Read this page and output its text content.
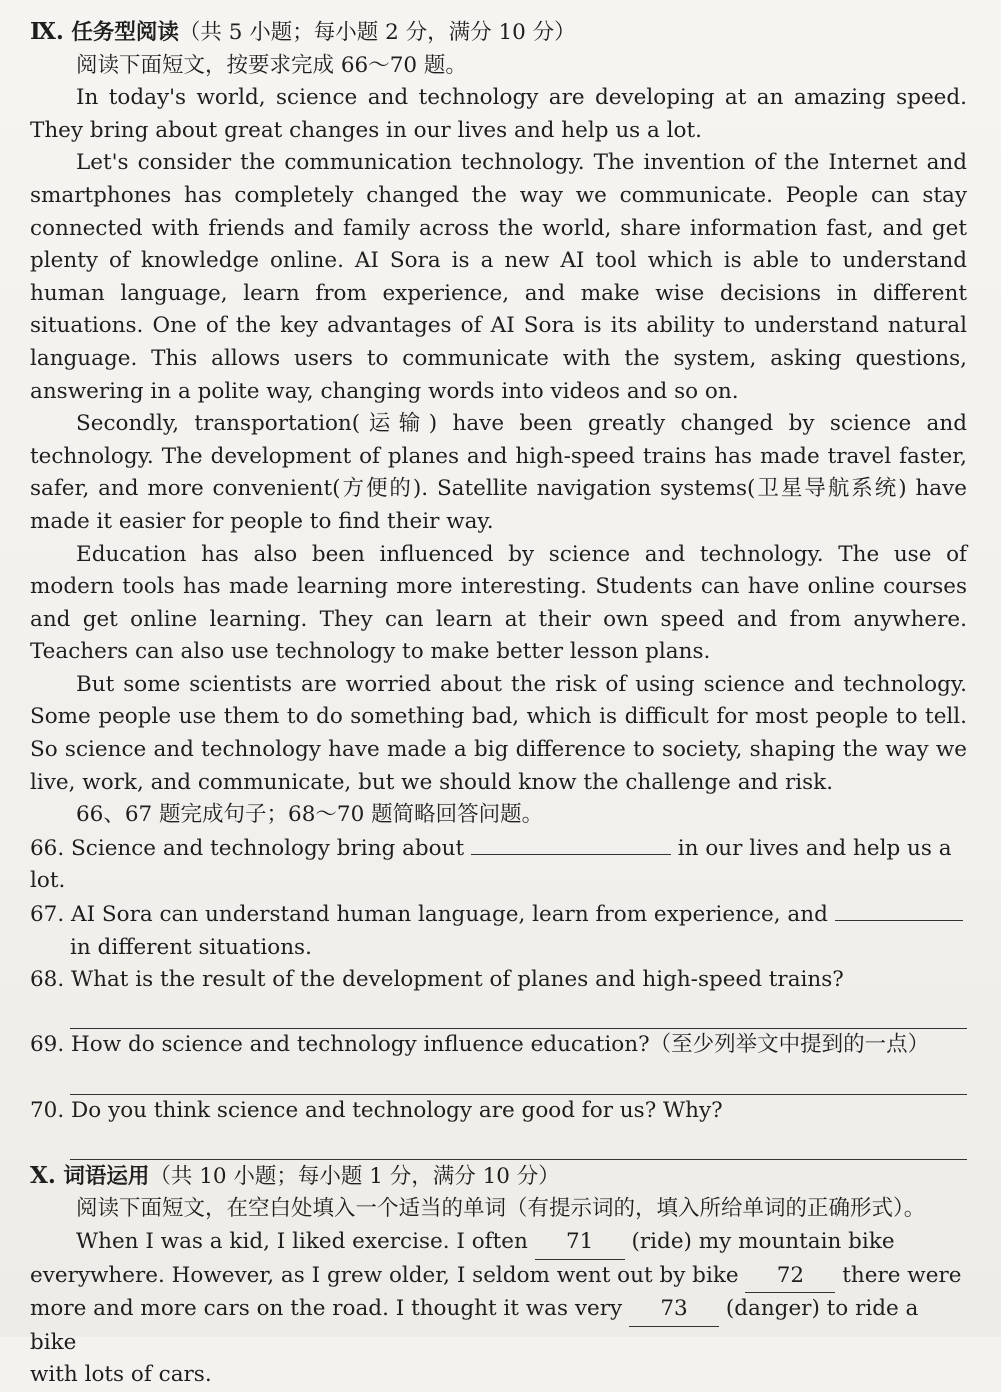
Ⅸ. 任务型阅读（共 5 小题；每小题 2 分，满分 10 分）
阅读下面短文，按要求完成 66～70 题。

In today's world, science and technology are developing at an amazing speed. They bring about great changes in our lives and help us a lot.

Let's consider the communication technology. The invention of the Internet and smartphones has completely changed the way we communicate. People can stay connected with friends and family across the world, share information fast, and get plenty of knowledge online. AI Sora is a new AI tool which is able to understand human language, learn from experience, and make wise decisions in different situations. One of the key advantages of AI Sora is its ability to understand natural language. This allows users to communicate with the system, asking questions, answering in a polite way, changing words into videos and so on.

Secondly, transportation(运输) have been greatly changed by science and technology. The development of planes and high-speed trains has made travel faster, safer, and more convenient(方便的). Satellite navigation systems(卫星导航系统) have made it easier for people to find their way.

Education has also been influenced by science and technology. The use of modern tools has made learning more interesting. Students can have online courses and get online learning. They can learn at their own speed and from anywhere. Teachers can also use technology to make better lesson plans.

But some scientists are worried about the risk of using science and technology. Some people use them to do something bad, which is difficult for most people to tell. So science and technology have made a big difference to society, shaping the way we live, work, and communicate, but we should know the challenge and risk.

66、67 题完成句子；68～70 题简略回答问题。
66. Science and technology bring about	in our lives and help us a lot.
67. AI Sora can understand human language, learn from experience, and
in different situations.
68. What is the result of the development of planes and high-speed trains?
69. How do science and technology influence education?（至少列举文中提到的一点）
70. Do you think science and technology are good for us? Why?
Ⅹ. 词语运用（共 10 小题；每小题 1 分，满分 10 分）
阅读下面短文，在空白处填入一个适当的单词（有提示词的，填入所给单词的正确形式）。
When I was a kid, I liked exercise. I often 71 (ride) my mountain bike
everywhere. However, as I grew older, I seldom went out by bike 72 there were
more and more cars on the road. I thought it was very 73 (danger) to ride a bike
with lots of cars.
